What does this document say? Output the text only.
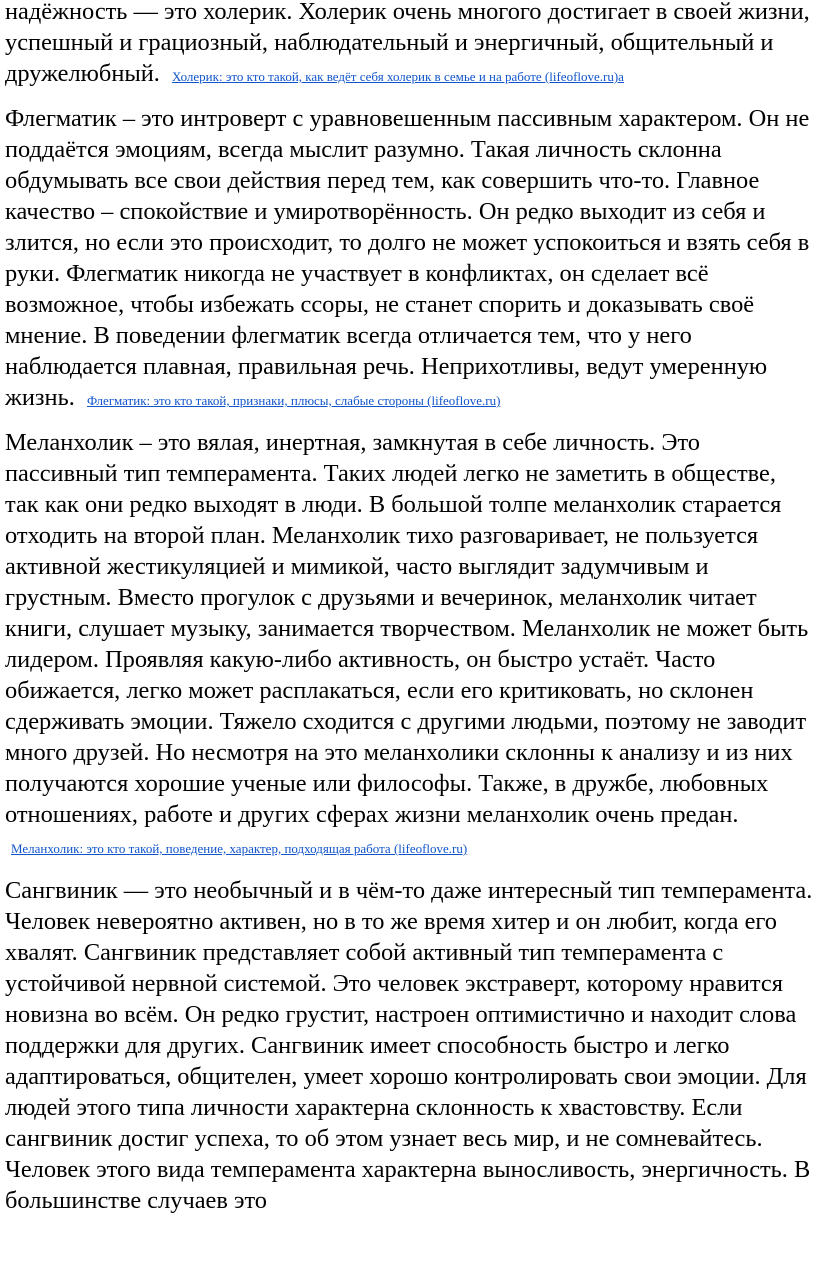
надёжность — это холерик. Холерик очень многого достигает в своей жизни, успешный и грациозный, наблюдательный и энергичный, общительный и дружелюбный. Холерик: это кто такой, как ведёт себя холерик в семье и на работе (lifeoflove.ru)а

Флегматик – это интроверт с уравновешенным пассивным характером. Он не поддаётся эмоциям, всегда мыслит разумно. Такая личность склонна обдумывать все свои действия перед тем, как совершить что-то. Главное качество – спокойствие и умиротворённость. Он редко выходит из себя и злится, но если это происходит, то долго не может успокоиться и взять себя в руки. Флегматик никогда не участвует в конфликтах, он сделает всё возможное, чтобы избежать ссоры, не станет спорить и доказывать своё мнение. В поведении флегматик всегда отличается тем, что у него наблюдается плавная, правильная речь. Неприхотливы, ведут умеренную жизнь. Флегматик: это кто такой, признаки, плюсы, слабые стороны (lifeoflove.ru)

Меланхолик – это вялая, инертная, замкнутая в себе личность. Это пассивный тип темперамента. Таких людей легко не заметить в обществе, так как они редко выходят в люди. В большой толпе меланхолик старается отходить на второй план. Меланхолик тихо разговаривает, не пользуется активной жестикуляцией и мимикой, часто выглядит задумчивым и грустным. Вместо прогулок с друзьями и вечеринок, меланхолик читает книги, слушает музыку, занимается творчеством. Меланхолик не может быть лидером. Проявляя какую-либо активность, он быстро устаёт. Часто обижается, легко может расплакаться, если его критиковать, но склонен сдерживать эмоции. Тяжело сходится с другими людьми, поэтому не заводит много друзей. Но несмотря на это меланхолики склонны к анализу и из них получаются хорошие ученые или философы. Также, в дружбе, любовных отношениях, работе и других сферах жизни меланхолик очень предан. Меланхолик: это кто такой, поведение, характер, подходящая работа (lifeoflove.ru)

Сангвиник — это необычный и в чём-то даже интересный тип темперамента. Человек невероятно активен, но в то же время хитер и он любит, когда его хвалят. Сангвиник представляет собой активный тип темперамента с устойчивой нервной системой. Это человек экстраверт, которому нравится новизна во всём. Он редко грустит, настроен оптимистично и находит слова поддержки для других. Сангвиник имеет способность быстро и легко адаптироваться, общителен, умеет хорошо контролировать свои эмоции. Для людей этого типа личности характерна склонность к хвастовству. Если сангвиник достиг успеха, то об этом узнает весь мир, и не сомневайтесь. Человек этого вида темперамента характерна выносливость, энергичность. В большинстве случаев это
